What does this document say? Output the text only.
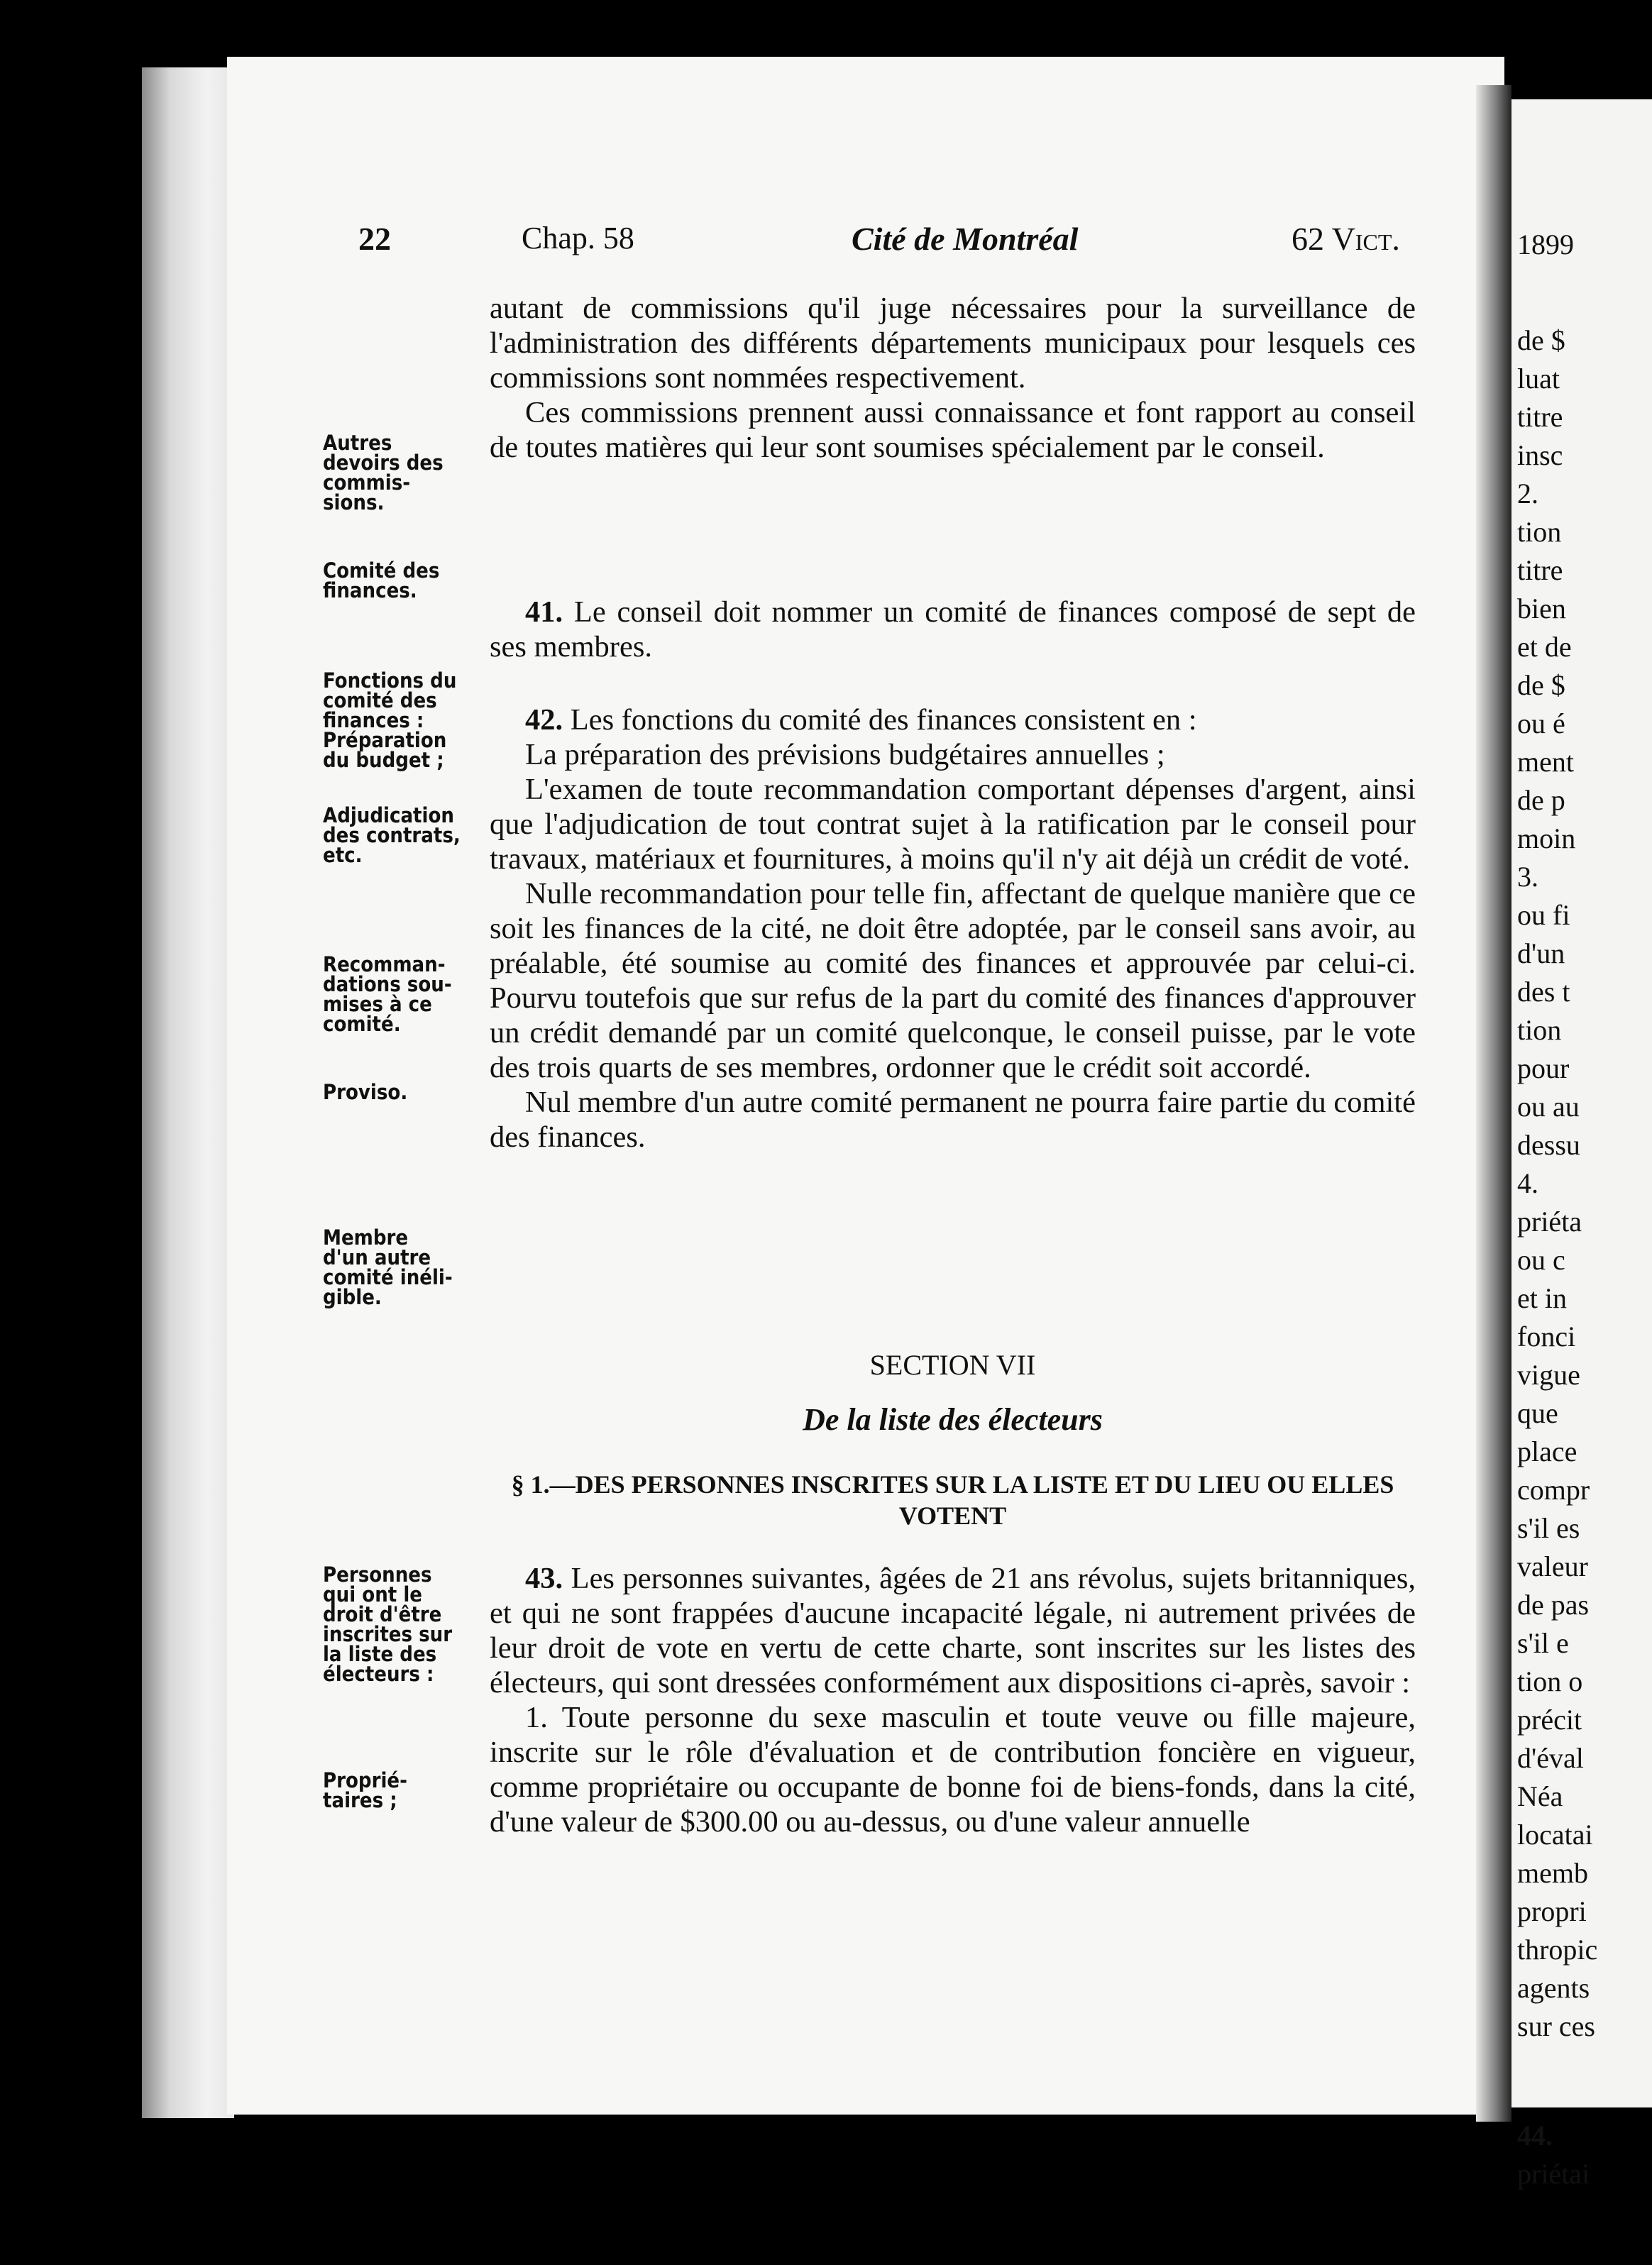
1899
de $
luat
titre
insc
2.
tion
titre
bien
et de
de $
ou é
ment
de p
moin
3.
ou fi
d'un
des t
tion
pour
ou au
dessu
4.
priéta
ou c
et in
fonci
vigue
que
place
compr
s'il es
valeur
de pas
s'il e
tion o
précit
d'éval
Néa
locatai
memb
propri
thropic
agents
sur ces
44.
priétai
22	Chap. 58	Cité de Montréal	62 Vict.
Autres
devoirs des
commis-
sions.
Comité des
finances.
Fonctions du
comité des
finances :
Préparation
du budget ;
Adjudication
des contrats,
etc.
Recomman-
dations sou-
mises à ce
comité.
Proviso.
Membre
d'un autre
comité inéli-
gible.
Personnes
qui ont le
droit d'être
inscrites sur
la liste des
électeurs :
Proprié-
taires ;

autant de commissions qu'il juge nécessaires pour la surveillance de l'administration des différents départements municipaux pour lesquels ces commissions sont nommées respectivement.

Ces commissions prennent aussi connaissance et font rapport au conseil de toutes matières qui leur sont soumises spécialement par le conseil.

41. Le conseil doit nommer un comité de finances composé de sept de ses membres.

42. Les fonctions du comité des finances consistent en :

La préparation des prévisions budgétaires annuelles ;

L'examen de toute recommandation comportant dépenses d'argent, ainsi que l'adjudication de tout contrat sujet à la ratification par le conseil pour travaux, matériaux et fournitures, à moins qu'il n'y ait déjà un crédit de voté.

Nulle recommandation pour telle fin, affectant de quelque manière que ce soit les finances de la cité, ne doit être adoptée, par le conseil sans avoir, au préalable, été soumise au comité des finances et approuvée par celui-ci. Pourvu toutefois que sur refus de la part du comité des finances d'approuver un crédit demandé par un comité quelconque, le conseil puisse, par le vote des trois quarts de ses membres, ordonner que le crédit soit accordé.

Nul membre d'un autre comité permanent ne pourra faire partie du comité des finances.

SECTION VII
De la liste des électeurs
§ 1.—DES PERSONNES INSCRITES SUR LA LISTE ET DU LIEU OU ELLES VOTENT

43. Les personnes suivantes, âgées de 21 ans révolus, sujets britanniques, et qui ne sont frappées d'aucune incapacité légale, ni autrement privées de leur droit de vote en vertu de cette charte, sont inscrites sur les listes des électeurs, qui sont dressées conformément aux dispositions ci-après, savoir :

1. Toute personne du sexe masculin et toute veuve ou fille majeure, inscrite sur le rôle d'évaluation et de contribution foncière en vigueur, comme propriétaire ou occupante de bonne foi de biens-fonds, dans la cité, d'une valeur de $300.00 ou au-dessus, ou d'une valeur annuelle
